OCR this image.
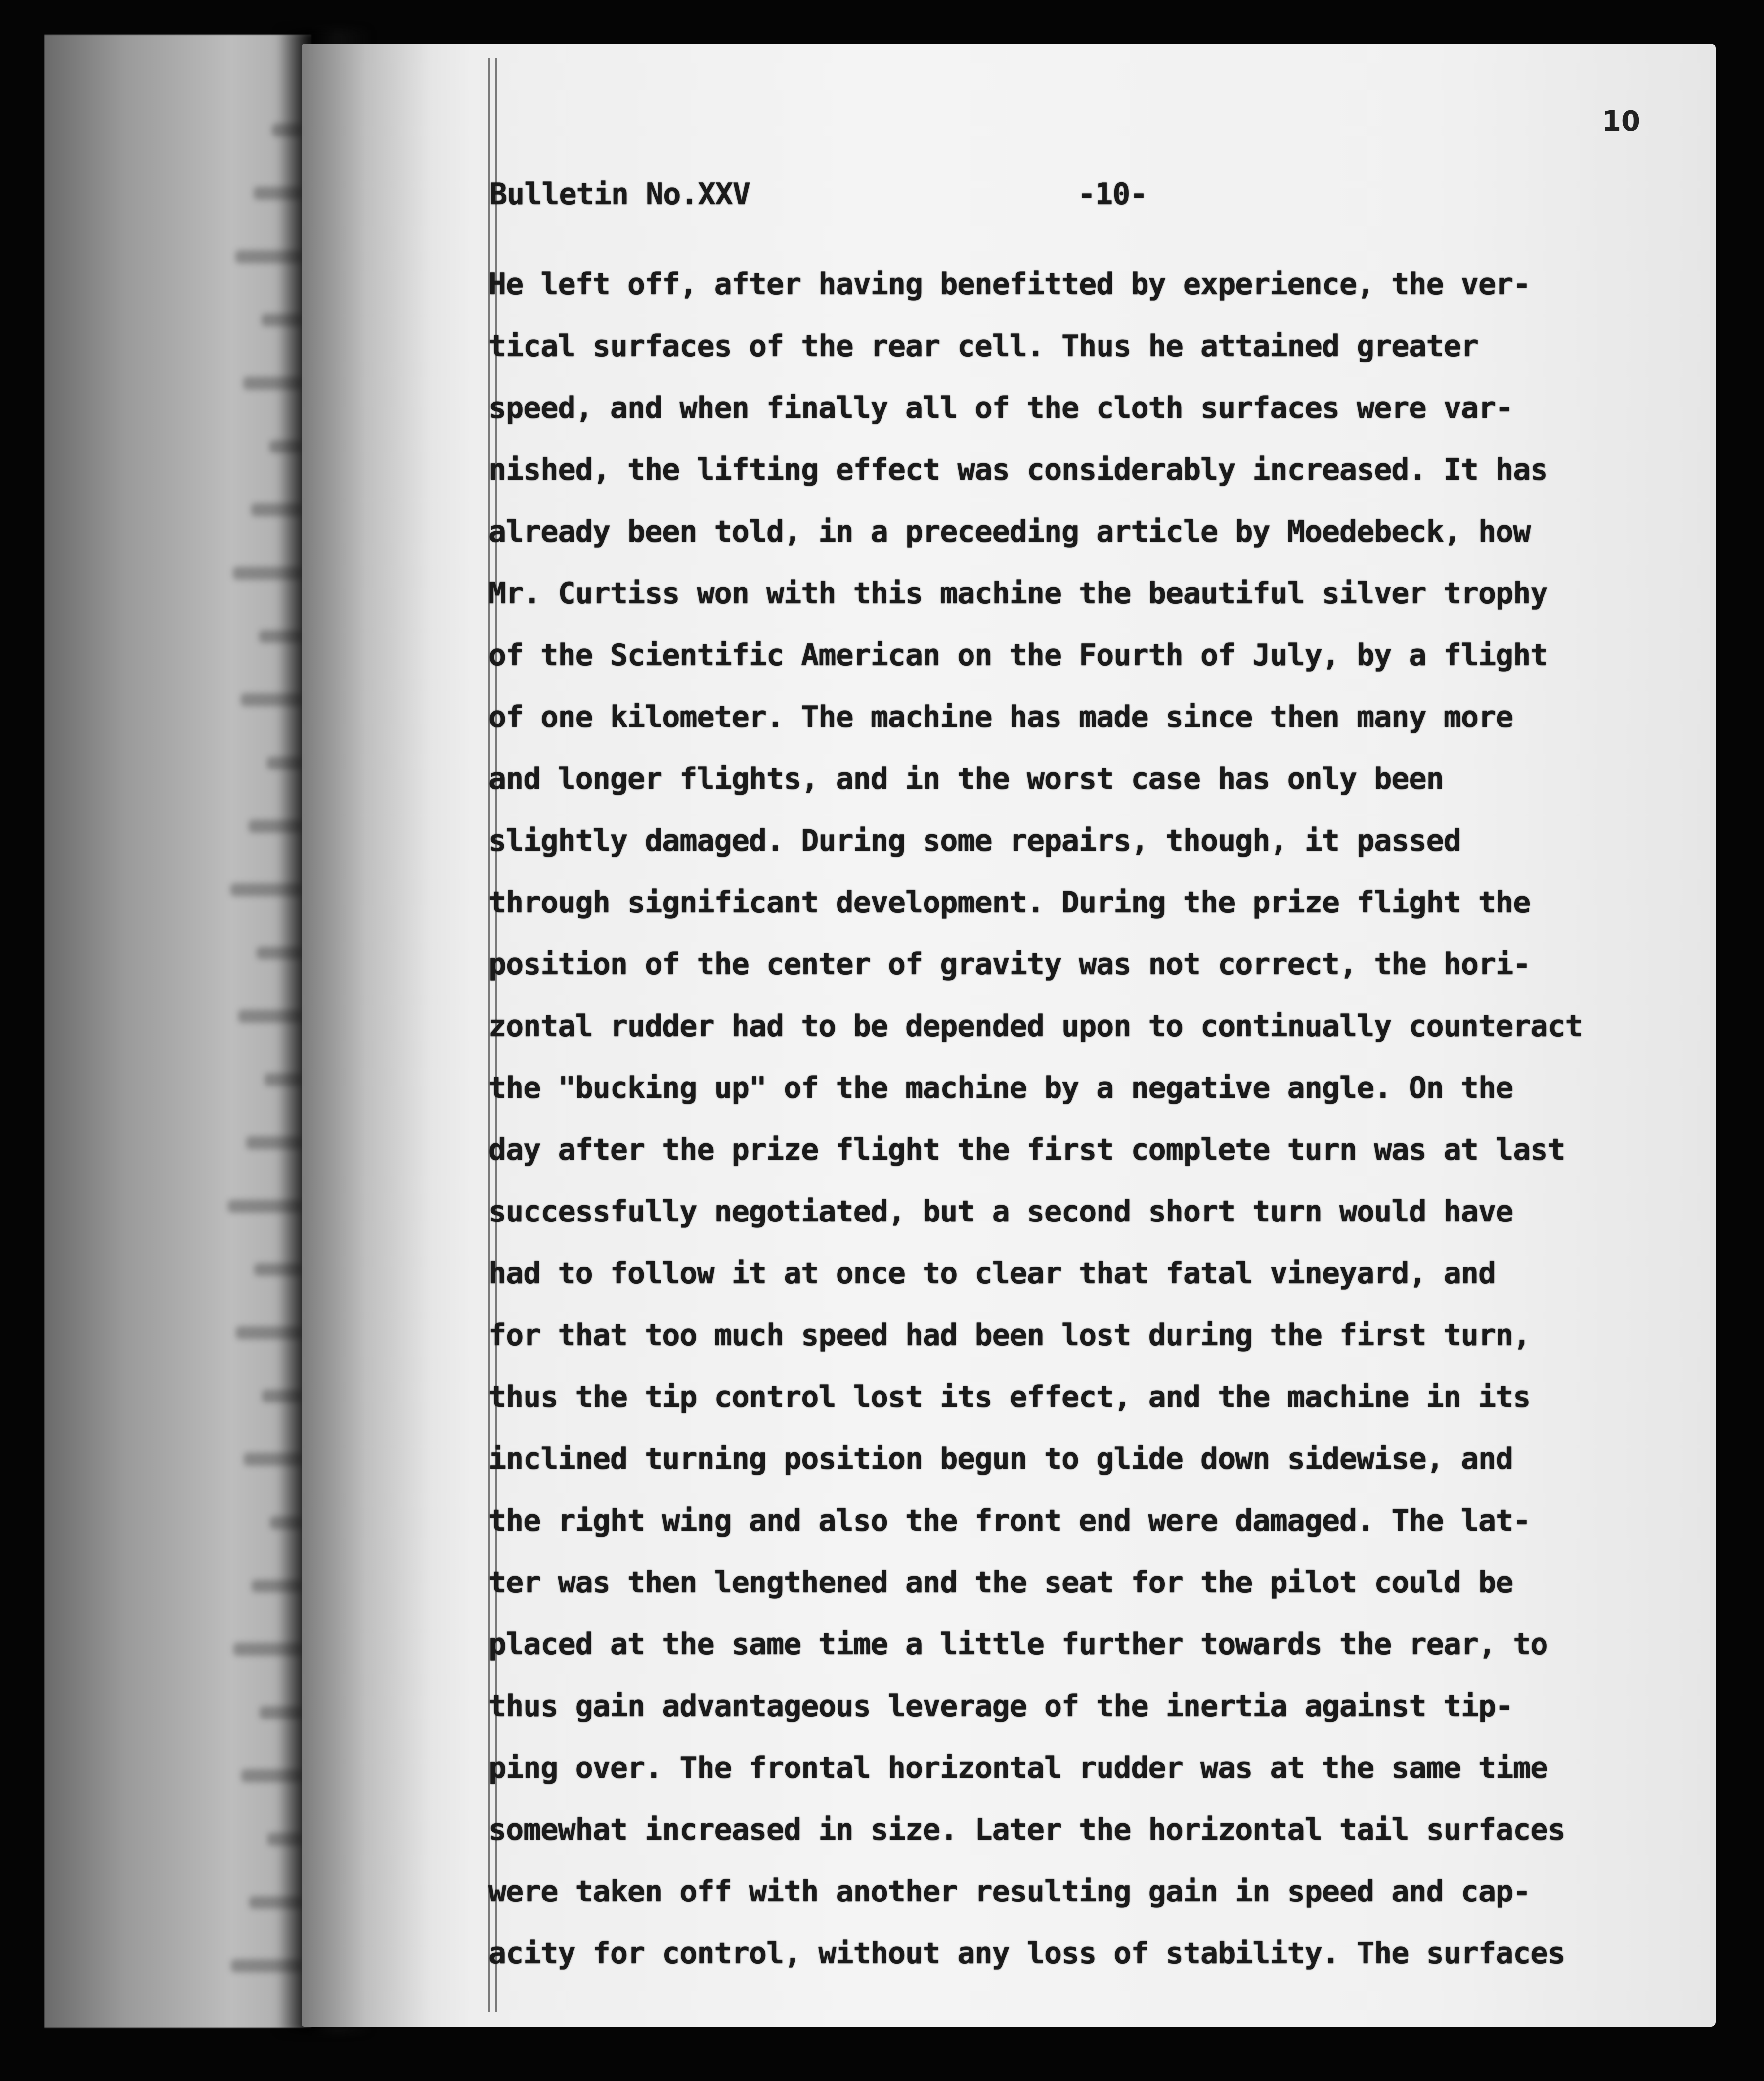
10
Bulletin No.XXV	-10-
He left off, after having benefitted by experience, the ver-
tical surfaces of the rear cell. Thus he attained greater
speed, and when finally all of the cloth surfaces were var-
nished, the lifting effect was considerably increased. It has
already been told, in a preceeding article by Moedebeck, how
Mr. Curtiss won with this machine the beautiful silver trophy
of the Scientific American on the Fourth of July, by a flight
of one kilometer. The machine has made since then many more
and longer flights, and in the worst case has only been
slightly damaged. During some repairs, though, it passed
through significant development. During the prize flight the
position of the center of gravity was not correct, the hori-
zontal rudder had to be depended upon to continually counteract
the "bucking up" of the machine by a negative angle. On the
day after the prize flight the first complete turn was at last
successfully negotiated, but a second short turn would have
had to follow it at once to clear that fatal vineyard, and
for that too much speed had been lost during the first turn,
thus the tip control lost its effect, and the machine in its
inclined turning position begun to glide down sidewise, and
the right wing and also the front end were damaged. The lat-
ter was then lengthened and the seat for the pilot could be
placed at the same time a little further towards the rear, to
thus gain advantageous leverage of the inertia against tip-
ping over. The frontal horizontal rudder was at the same time
somewhat increased in size. Later the horizontal tail surfaces
were taken off with another resulting gain in speed and cap-
acity for control, without any loss of stability. The surfaces
